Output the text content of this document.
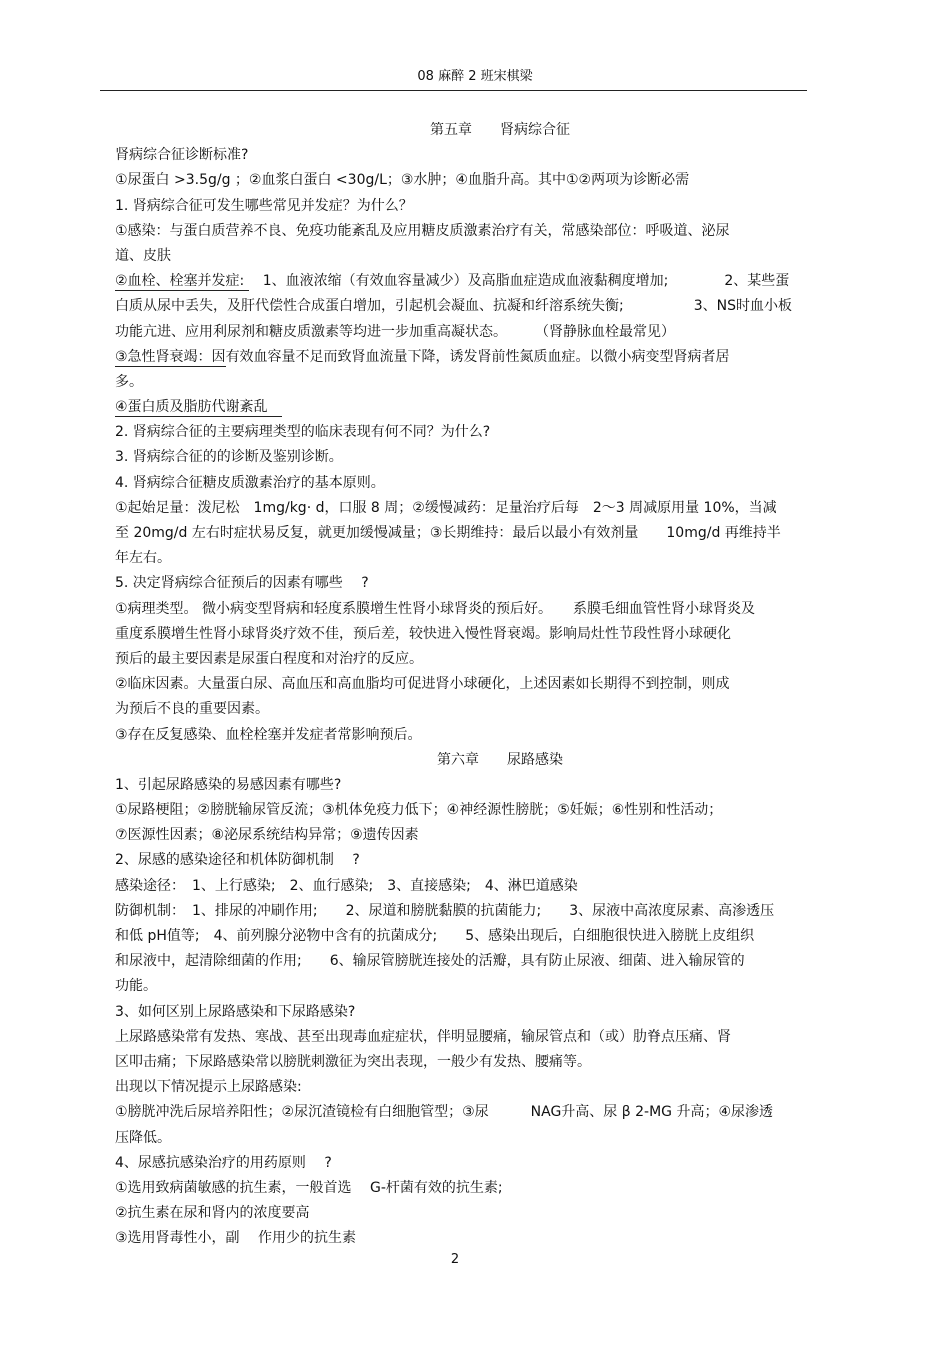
08 麻醉 2 班宋棋梁
第五章　　肾病综合征
肾病综合征诊断标准?
①尿蛋白 >3.5g/g ；②血浆白蛋白 <30g/L；③水肿；④血脂升高。其中①②两项为诊断必需
1. 肾病综合征可发生哪些常见并发症？为什么？
①感染：与蛋白质营养不良、免疫功能紊乱及应用糖皮质激素治疗有关，常感染部位：呼吸道、泌尿
道、皮肤
②血栓、栓塞并发症: 　1、血液浓缩（有效血容量减少）及高脂血症造成血液黏稠度增加;　　　　2、某些蛋
白质从尿中丢失，及肝代偿性合成蛋白增加，引起机会凝血、抗凝和纤溶系统失衡;　　　　　3、NS时血小板
功能亢进、应用利尿剂和糖皮质激素等均进一步加重高凝状态。　　　（肾静脉血栓最常见）
③急性肾衰竭：因有效血容量不足而致肾血流量下降，诱发肾前性氮质血症。以微小病变型肾病者居
多。
④蛋白质及脂肪代谢紊乱　
2. 肾病综合征的主要病理类型的临床表现有何不同？为什么?
3. 肾病综合征的的诊断及鉴别诊断。
4. 肾病综合征糖皮质激素治疗的基本原则。
①起始足量：泼尼松　1mg/kg· d，口服 8 周；②缓慢减药：足量治疗后每　2～3 周减原用量 10%，当减
至 20mg/d 左右时症状易反复，就更加缓慢减量；③长期维持：最后以最小有效剂量　　10mg/d 再维持半
年左右。
5. 决定肾病综合征预后的因素有哪些　 ?
①病理类型。 微小病变型肾病和轻度系膜增生性肾小球肾炎的预后好。　　系膜毛细血管性肾小球肾炎及
重度系膜增生性肾小球肾炎疗效不佳，预后差，较快进入慢性肾衰竭。影响局灶性节段性肾小球硬化
预后的最主要因素是尿蛋白程度和对治疗的反应。
②临床因素。大量蛋白尿、高血压和高血脂均可促进肾小球硬化，上述因素如长期得不到控制，则成
为预后不良的重要因素。
③存在反复感染、血栓栓塞并发症者常影响预后。
第六章　　尿路感染
1、引起尿路感染的易感因素有哪些?
①尿路梗阻；②膀胱输尿管反流；③机体免疫力低下；④神经源性膀胱；⑤妊娠；⑥性别和性活动；
⑦医源性因素；⑧泌尿系统结构异常；⑨遗传因素
2、尿感的感染途径和机体防御机制　 ?
感染途径：　1、上行感染;　2、血行感染;　3、直接感染;　4、淋巴道感染
防御机制：　1、排尿的冲刷作用;　　2、尿道和膀胱黏膜的抗菌能力;　　3、尿液中高浓度尿素、高渗透压
和低 pH值等;　4、前列腺分泌物中含有的抗菌成分;　　5、感染出现后，白细胞很快进入膀胱上皮组织
和尿液中，起清除细菌的作用;　　6、输尿管膀胱连接处的活瓣，具有防止尿液、细菌、进入输尿管的
功能。
3、如何区别上尿路感染和下尿路感染?
上尿路感染常有发热、寒战、甚至出现毒血症症状，伴明显腰痛，输尿管点和（或）肋脊点压痛、肾
区叩击痛；下尿路感染常以膀胱刺激征为突出表现，一般少有发热、腰痛等。
出现以下情况提示上尿路感染:
①膀胱冲洗后尿培养阳性；②尿沉渣镜检有白细胞管型；③尿　　　NAG升高、尿 β 2-MG 升高；④尿渗透
压降低。
4、尿感抗感染治疗的用药原则　 ?
①选用致病菌敏感的抗生素，一般首选　 G-杆菌有效的抗生素;
②抗生素在尿和肾内的浓度要高
③选用肾毒性小，副　 作用少的抗生素
2
